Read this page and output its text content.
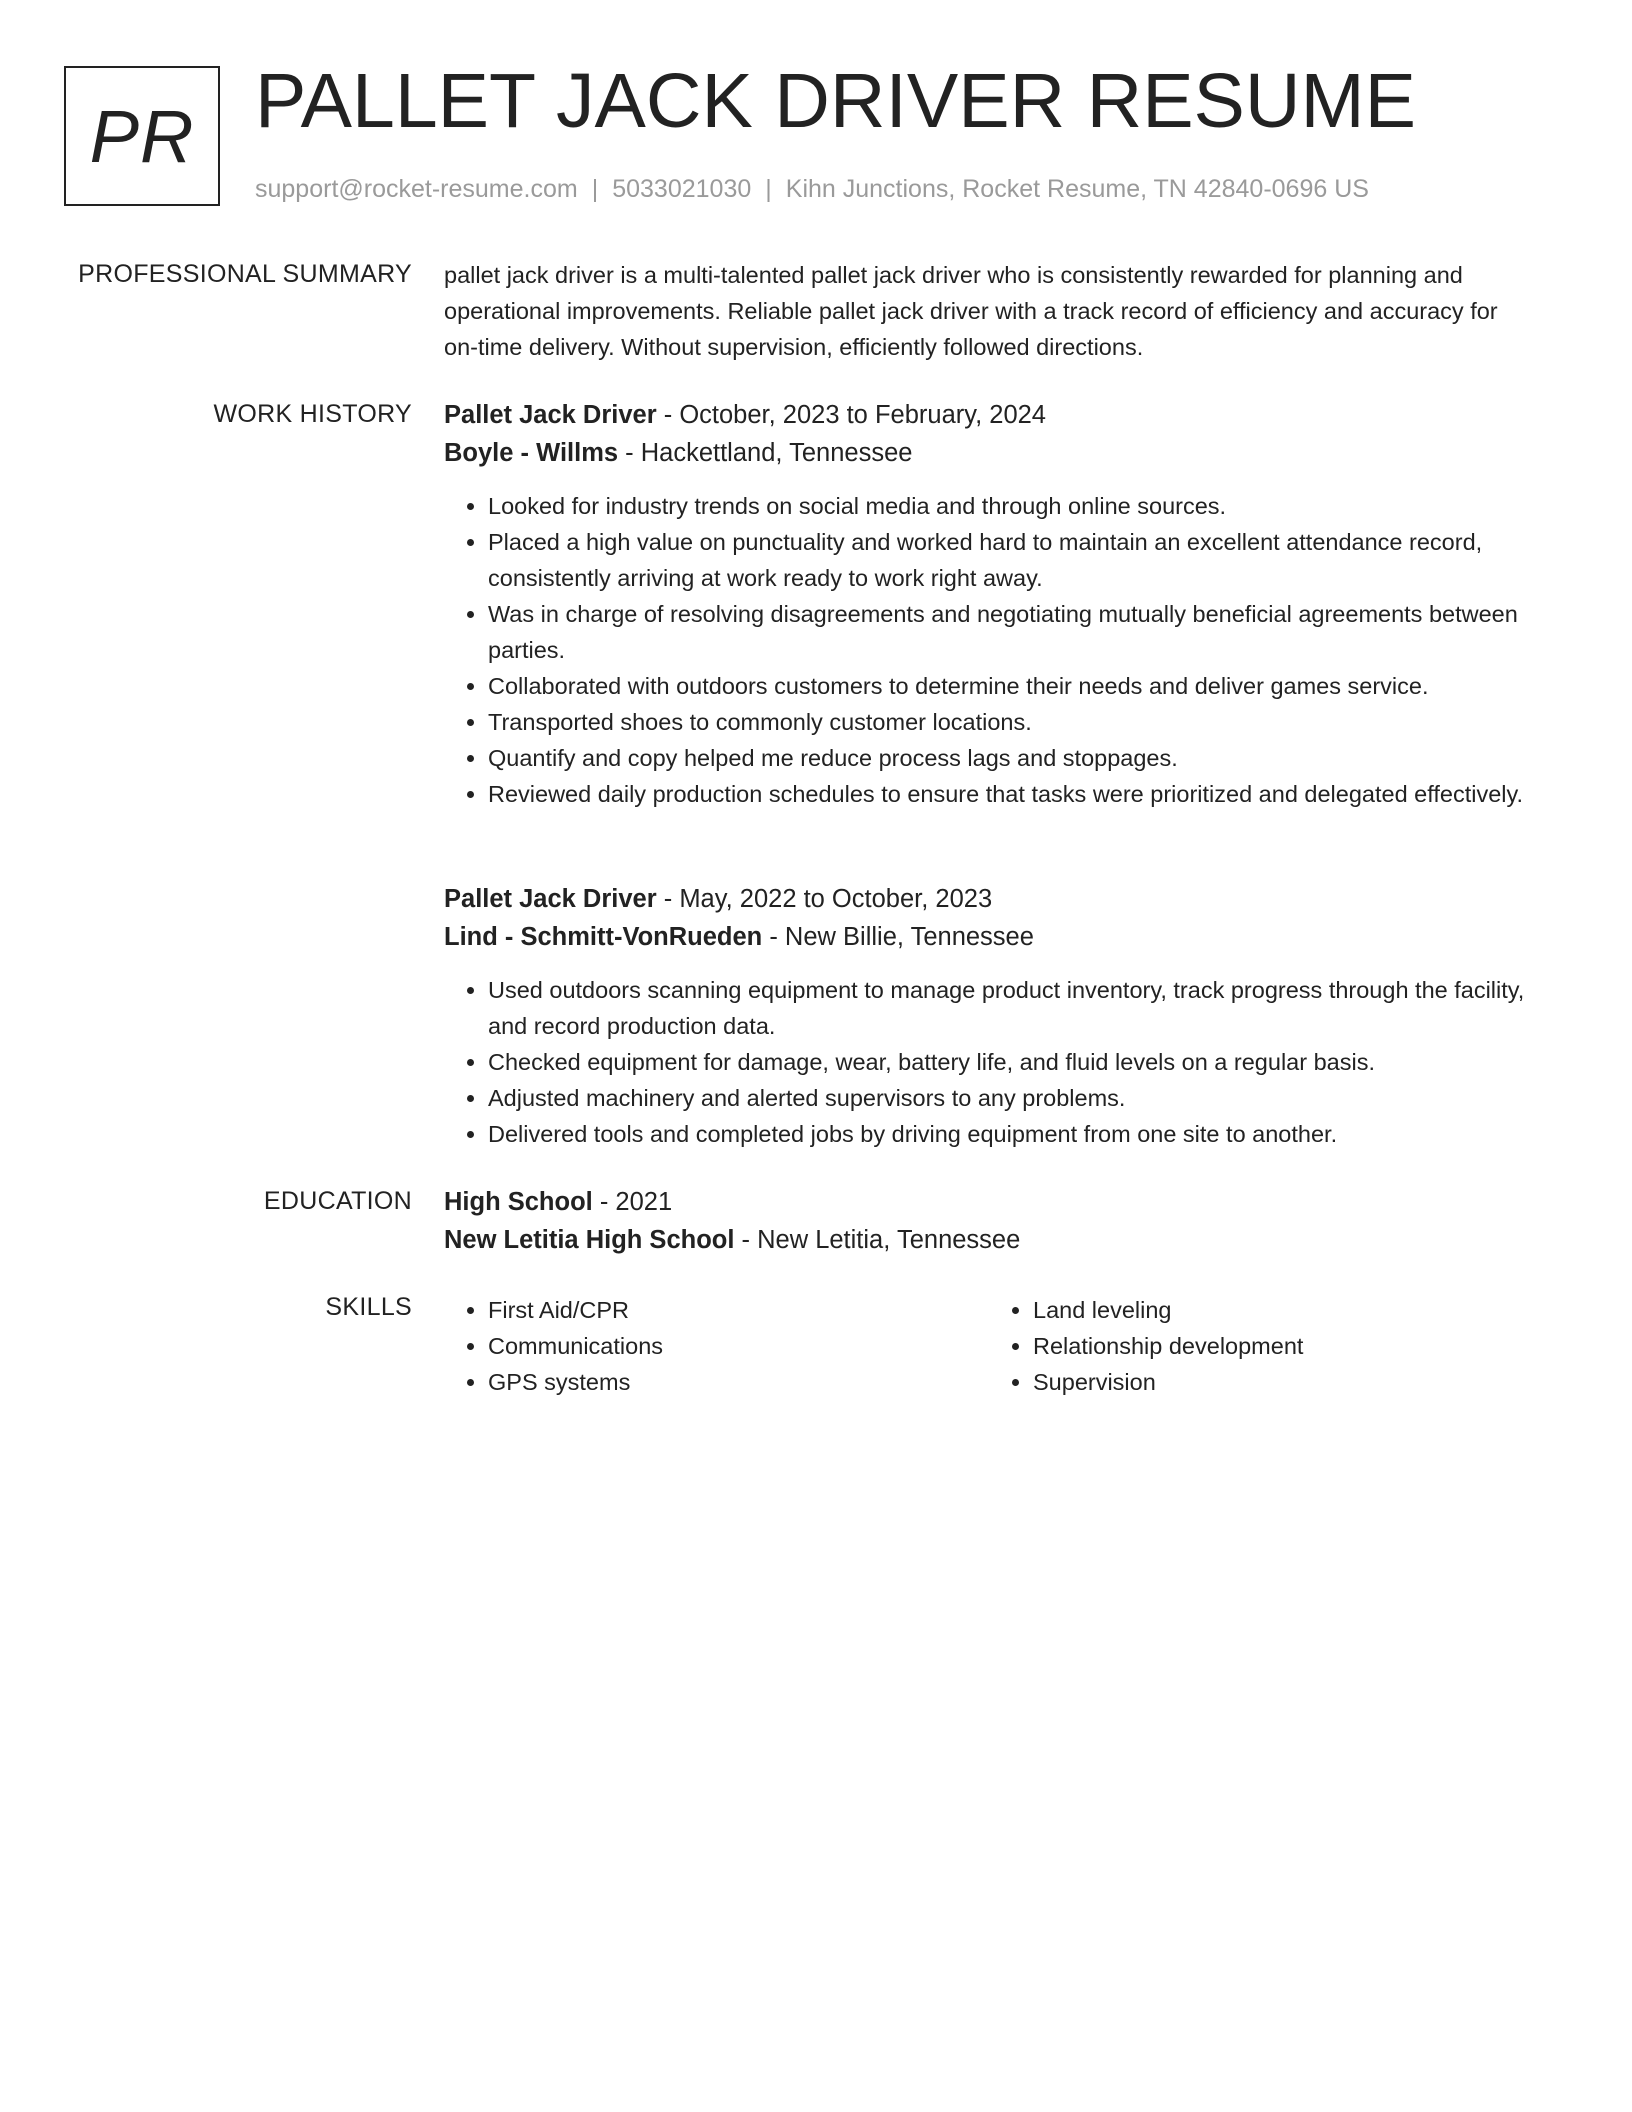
PR PALLET JACK DRIVER RESUME
support@rocket-resume.com | 5033021030 | Kihn Junctions, Rocket Resume, TN 42840-0696 US
PROFESSIONAL SUMMARY pallet jack driver is a multi-talented pallet jack driver who is consistently rewarded for planning and operational improvements. Reliable pallet jack driver with a track record of efficiency and accuracy for on-time delivery. Without supervision, efficiently followed directions.

WORK HISTORY Pallet Jack Driver - October, 2023 to February, 2024
Boyle - Willms - Hackettland, Tennessee
• Looked for industry trends on social media and through online sources.
• Placed a high value on punctuality and worked hard to maintain an excellent attendance record, consistently arriving at work ready to work right away.
• Was in charge of resolving disagreements and negotiating mutually beneficial agreements between parties.
• Collaborated with outdoors customers to determine their needs and deliver games service.
• Transported shoes to commonly customer locations.
• Quantify and copy helped me reduce process lags and stoppages.
• Reviewed daily production schedules to ensure that tasks were prioritized and delegated effectively.
Pallet Jack Driver - May, 2022 to October, 2023
Lind - Schmitt-VonRueden - New Billie, Tennessee
• Used outdoors scanning equipment to manage product inventory, track progress through the facility, and record production data.
• Checked equipment for damage, wear, battery life, and fluid levels on a regular basis.
• Adjusted machinery and alerted supervisors to any problems.
• Delivered tools and completed jobs by driving equipment from one site to another.
EDUCATION High School - 2021
New Letitia High School - New Letitia, Tennessee
SKILLS
•	First Aid/CPR
• Communications
• GPS systems
• Land leveling
• Relationship development
• Supervision
